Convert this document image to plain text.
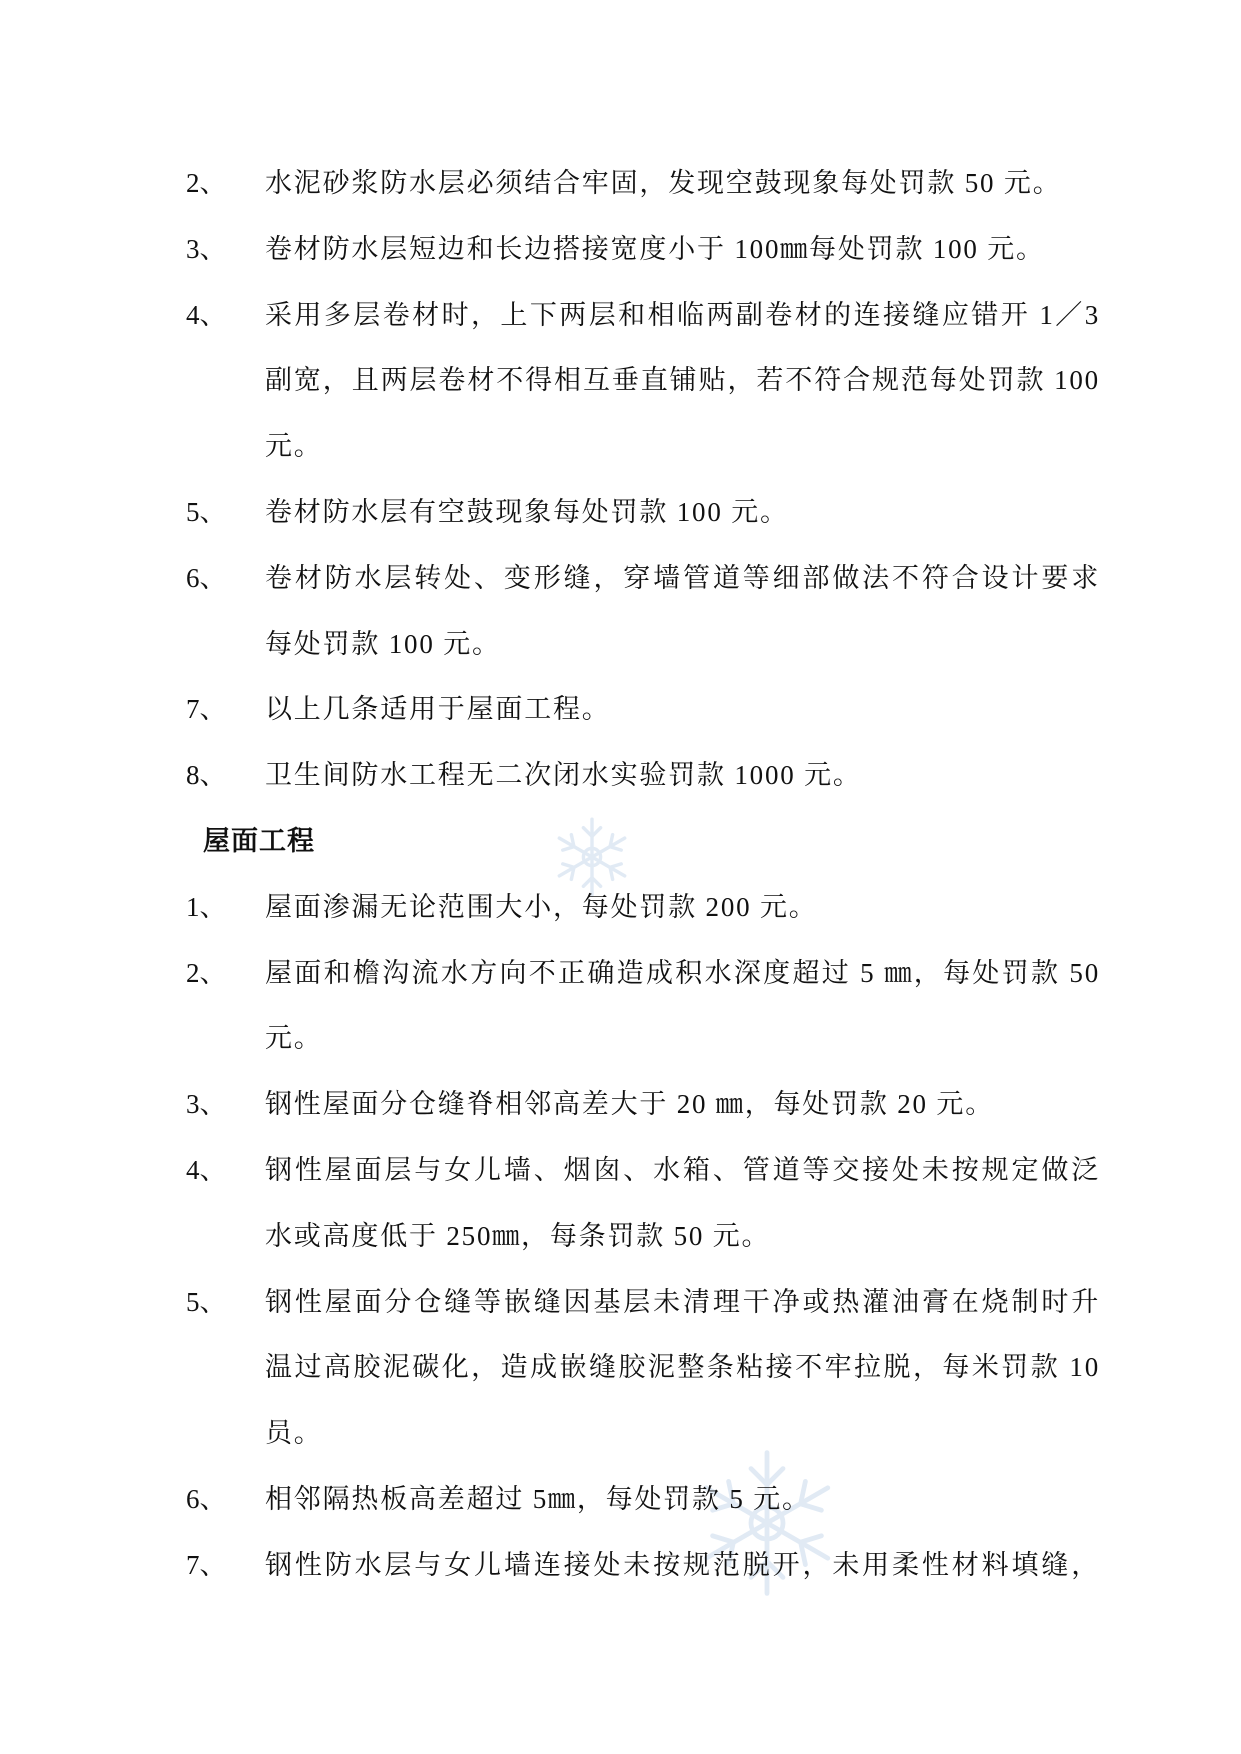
2、	水泥砂浆防水层必须结合牢固，发现空鼓现象每处罚款 50 元。
3、	卷材防水层短边和长边搭接宽度小于 100㎜每处罚款 100 元。
4、	采用多层卷材时，上下两层和相临两副卷材的连接缝应错开 1／3
副宽，且两层卷材不得相互垂直铺贴，若不符合规范每处罚款 100
元。
5、	卷材防水层有空鼓现象每处罚款 100 元。
6、	卷材防水层转处、变形缝，穿墙管道等细部做法不符合设计要求
每处罚款 100 元。
7、	以上几条适用于屋面工程。
8、	卫生间防水工程无二次闭水实验罚款 1000 元。
屋面工程
1、	屋面渗漏无论范围大小，每处罚款 200 元。
2、	屋面和檐沟流水方向不正确造成积水深度超过 5 ㎜，每处罚款 50
元。
3、	钢性屋面分仓缝脊相邻高差大于 20 ㎜，每处罚款 20 元。
4、	钢性屋面层与女儿墙、烟囱、水箱、管道等交接处未按规定做泛
水或高度低于 250㎜，每条罚款 50 元。
5、	钢性屋面分仓缝等嵌缝因基层未清理干净或热灌油膏在烧制时升
温过高胶泥碳化，造成嵌缝胶泥整条粘接不牢拉脱，每米罚款 10
员。
6、	相邻隔热板高差超过 5㎜，每处罚款 5 元。
7、	钢性防水层与女儿墙连接处未按规范脱开，未用柔性材料填缝，
